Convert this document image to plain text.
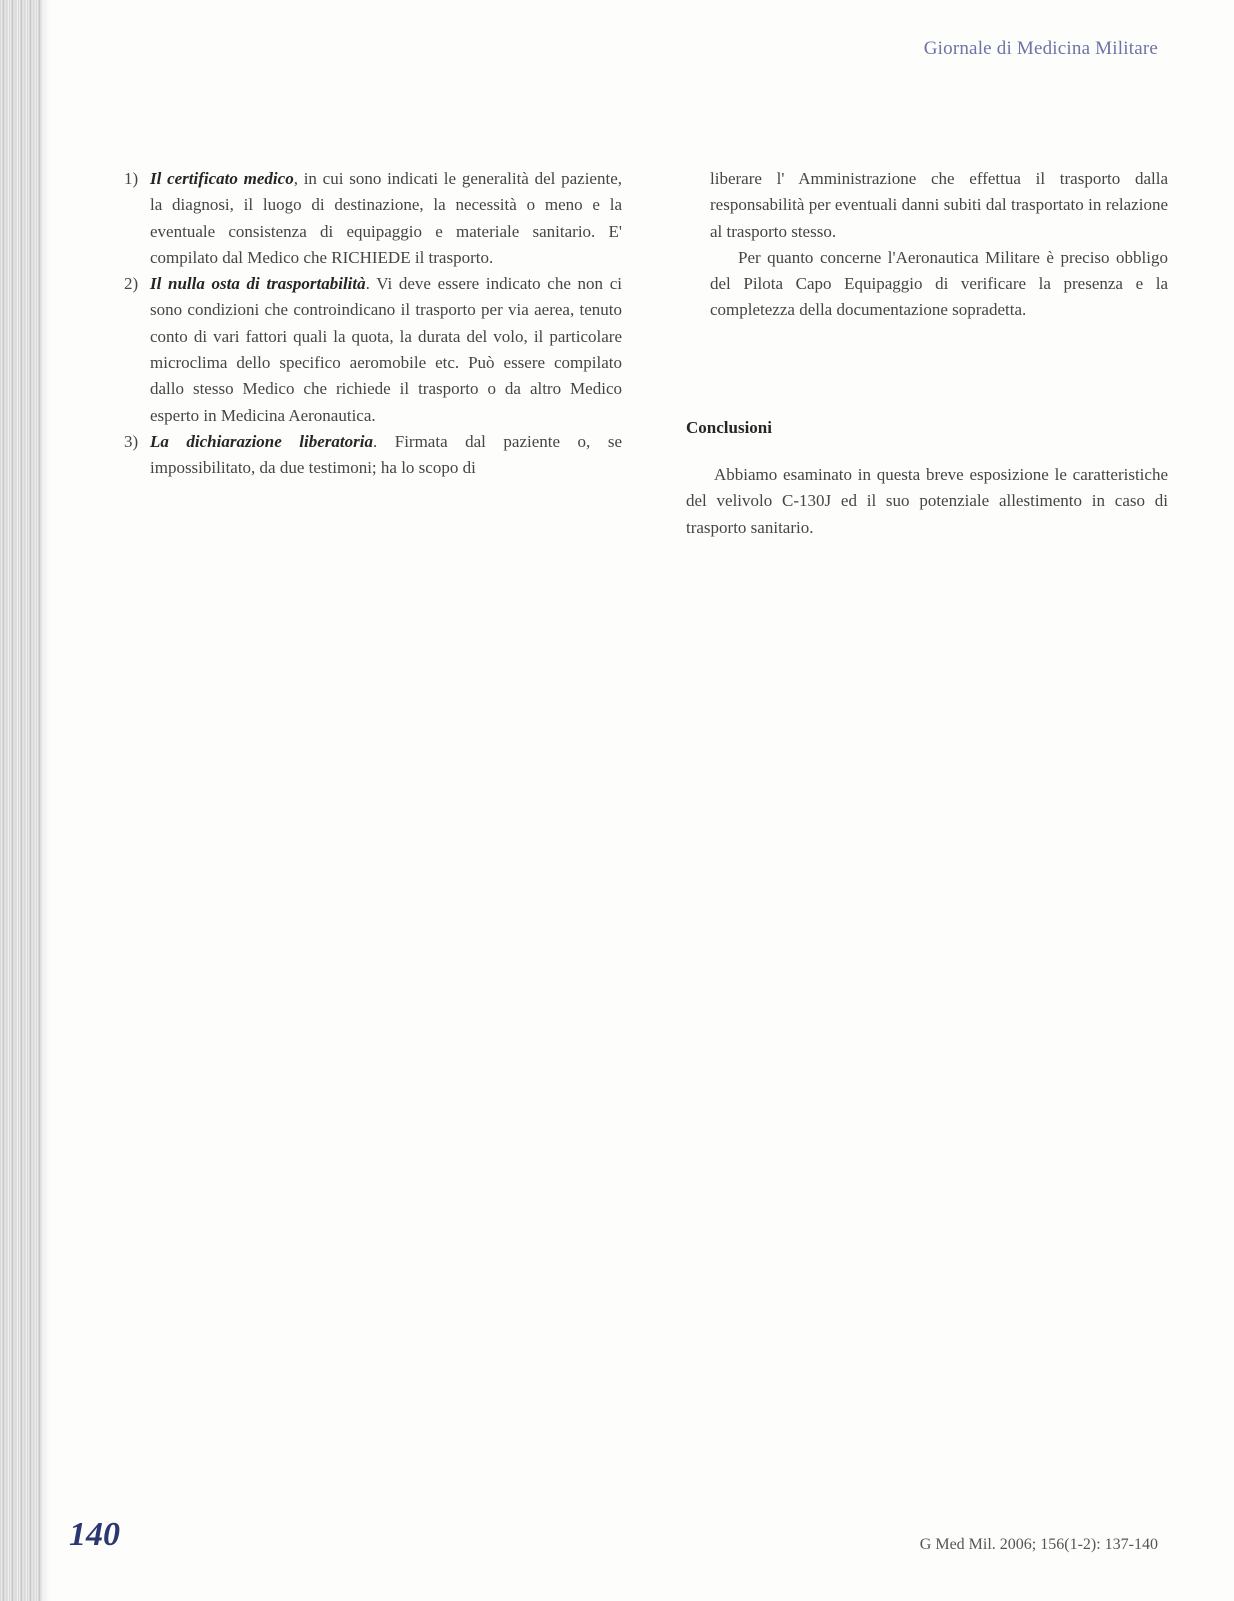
Giornale di Medicina Militare
1) Il certificato medico, in cui sono indicati le generalità del paziente, la diagnosi, il luogo di destinazione, la necessità o meno e la eventuale consistenza di equipaggio e materiale sanitario. E' compilato dal Medico che RICHIEDE il trasporto.

2) Il nulla osta di trasportabilità. Vi deve essere indicato che non ci sono condizioni che controindicano il trasporto per via aerea, tenuto conto di vari fattori quali la quota, la durata del volo, il particolare microclima dello specifico aeromobile etc. Può essere compilato dallo stesso Medico che richiede il trasporto o da altro Medico esperto in Medicina Aeronautica.

3) La dichiarazione liberatoria. Firmata dal paziente o, se impossibilitato, da due testimoni; ha lo scopo di

liberare l' Amministrazione che effettua il trasporto dalla responsabilità per eventuali danni subiti dal trasportato in relazione al trasporto stesso.

Per quanto concerne l'Aeronautica Militare è preciso obbligo del Pilota Capo Equipaggio di verificare la presenza e la completezza della documentazione sopradetta.

Conclusioni

Abbiamo esaminato in questa breve esposizione le caratteristiche del velivolo C-130J ed il suo potenziale allestimento in caso di trasporto sanitario.

140	G Med Mil. 2006; 156(1-2): 137-140
